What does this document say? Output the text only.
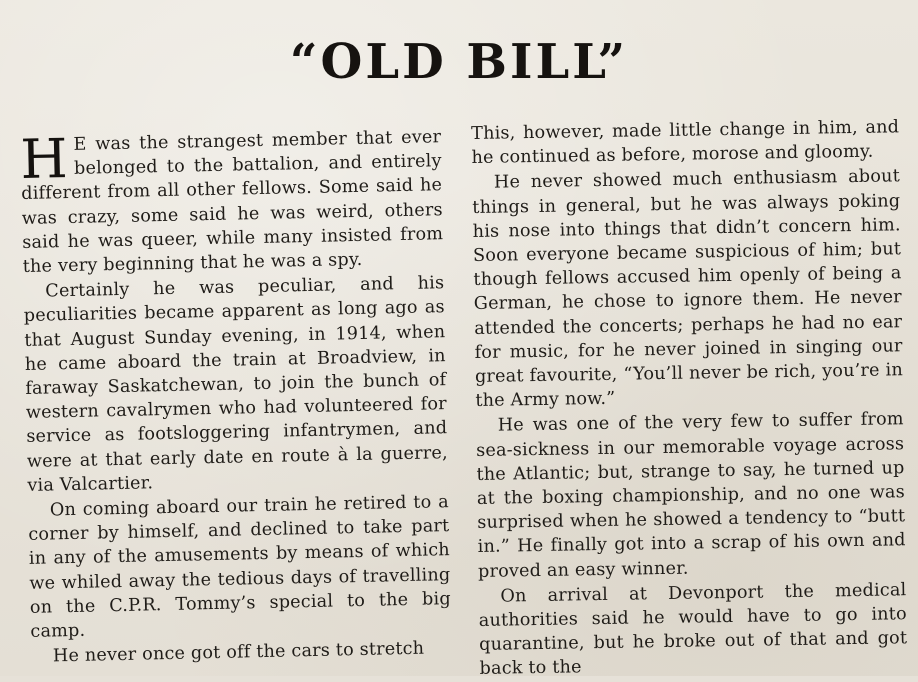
“OLD BILL”

H E was the strangest member that ever belonged to the battalion, and entirely different from all other fellows. Some said he was crazy, some said he was weird, others said he was queer, while many insisted from the very beginning that he was a spy.

Certainly he was peculiar, and his peculiarities became apparent as long ago as that August Sunday evening, in 1914, when he came aboard the train at Broadview, in faraway Saskatchewan, to join the bunch of western cavalrymen who had volunteered for service as footsloggering infantrymen, and were at that early date en route à la guerre, via Valcartier.

On coming aboard our train he retired to a corner by himself, and declined to take part in any of the amusements by means of which we whiled away the tedious days of travelling on the C.P.R. Tommy’s special to the big camp.

He never once got off the cars to stretch

This, however, made little change in him, and he continued as before, morose and gloomy.

He never showed much enthusiasm about things in general, but he was always poking his nose into things that didn’t concern him. Soon everyone became suspicious of him; but though fellows accused him openly of being a German, he chose to ignore them. He never attended the concerts; perhaps he had no ear for music, for he never joined in singing our great favourite, “You’ll never be rich, you’re in the Army now.”

He was one of the very few to suffer from sea-sickness in our memorable voyage across the Atlantic; but, strange to say, he turned up at the boxing championship, and no one was surprised when he showed a tendency to “butt in.” He finally got into a scrap of his own and proved an easy winner.

On arrival at Devonport the medical authorities said he would have to go into quarantine, but he broke out of that and got back to the
